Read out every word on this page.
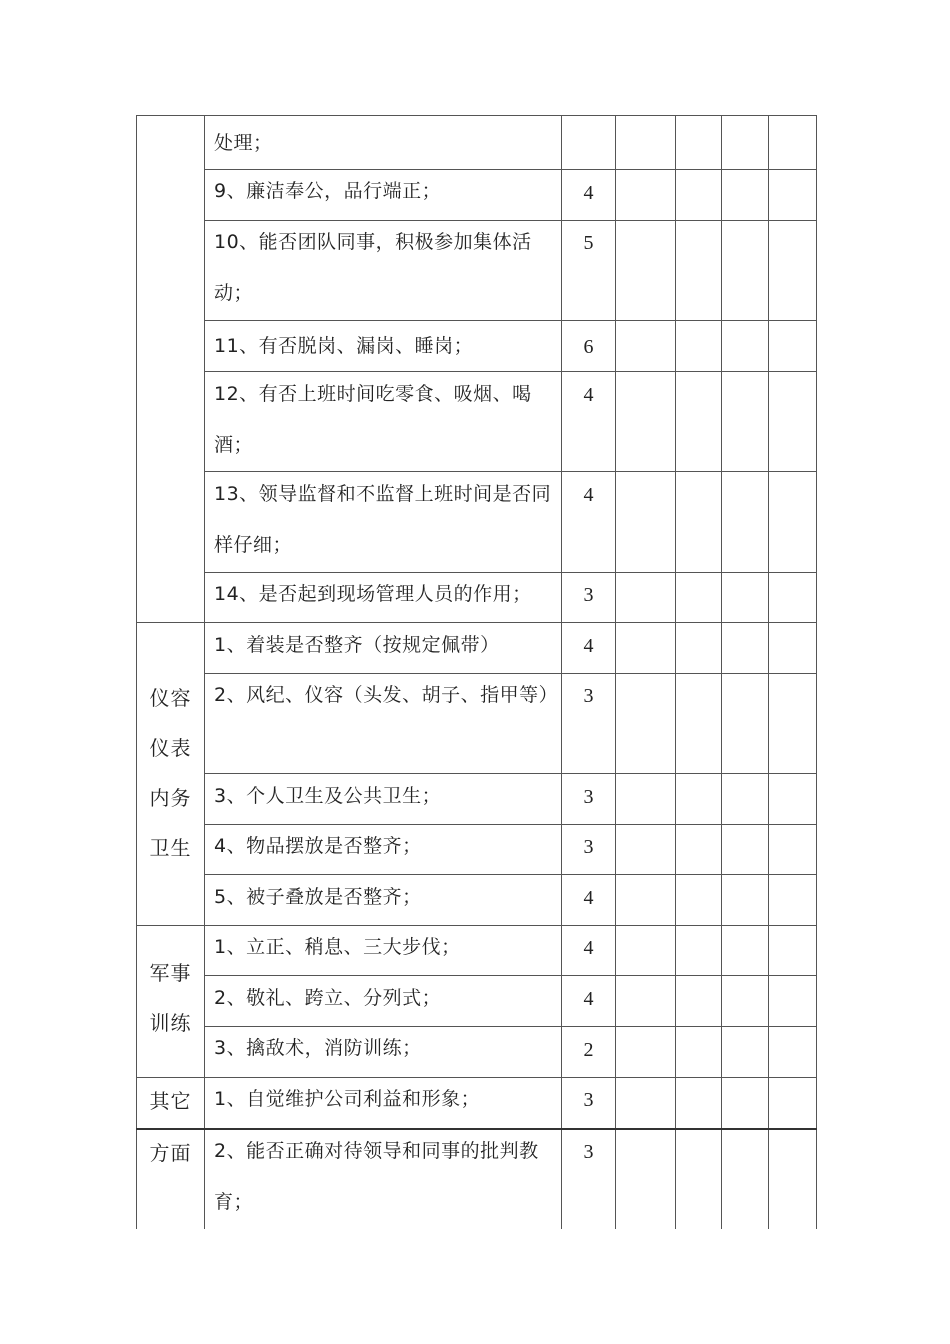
仪容
仪表
内务
卫生
军事
训练
其它
方面
处理；
9、廉洁奉公，品行端正；
10、能否团队同事，积极参加集体活动；
11、有否脱岗、漏岗、睡岗；
12、有否上班时间吃零食、吸烟、喝酒；
13、领导监督和不监督上班时间是否同样仔细；
14、是否起到现场管理人员的作用；
1、着装是否整齐（按规定佩带）
2、风纪、仪容（头发、胡子、指甲等）
3、个人卫生及公共卫生；
4、物品摆放是否整齐；
5、被子叠放是否整齐；
1、立正、稍息、三大步伐；
2、敬礼、跨立、分列式；
3、擒敌术，消防训练；
1、自觉维护公司利益和形象；
2、能否正确对待领导和同事的批判教育；
4
5
6
4
4
3
4
3
3
3
4
4
4
2
3
3
